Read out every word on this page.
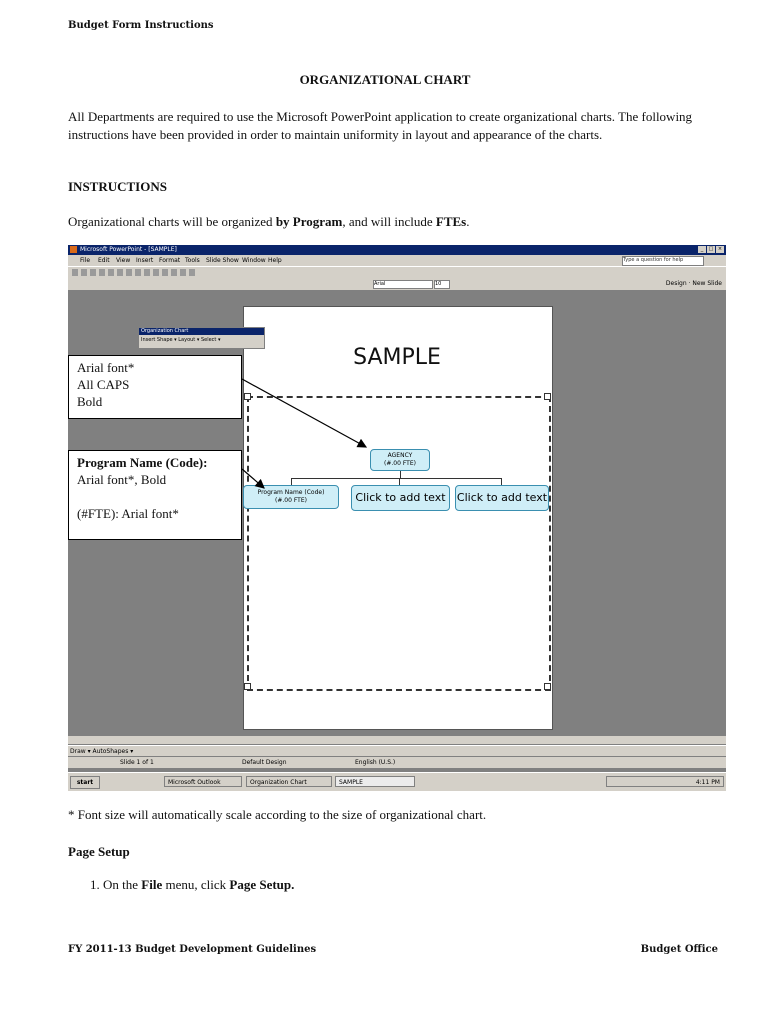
Budget Form Instructions
ORGANIZATIONAL CHART
All Departments are required to use the Microsoft PowerPoint application to create organizational charts. The following instructions have been provided in order to maintain uniformity in layout and appearance of the charts.
INSTRUCTIONS
Organizational charts will be organized by Program, and will include FTEs.
Microsoft PowerPoint - [SAMPLE]	_	□ ×
File Edit View Insert Format Tools Slide Show Window Help	Type a question for help
Arial	10	Design · New Slide
SAMPLE
AGENCY
(#.00 FTE)
Program Name (Code)
(#.00 FTE)	Click to add text	Click to add text
Organization Chart
Insert Shape ▾ Layout ▾ Select ▾
Arial font*
All CAPS
Bold
Program Name (Code):
Arial font*, Bold
(#FTE): Arial font*
Draw ▾ AutoShapes ▾
Slide 1 of 1	Default Design	English (U.S.)
start	Microsoft Outlook	Organization Chart	SAMPLE	4:11 PM
* Font size will automatically scale according to the size of organizational chart.
Page Setup
1. On the File menu, click Page Setup.
FY 2011-13 Budget Development Guidelines	Budget Office
